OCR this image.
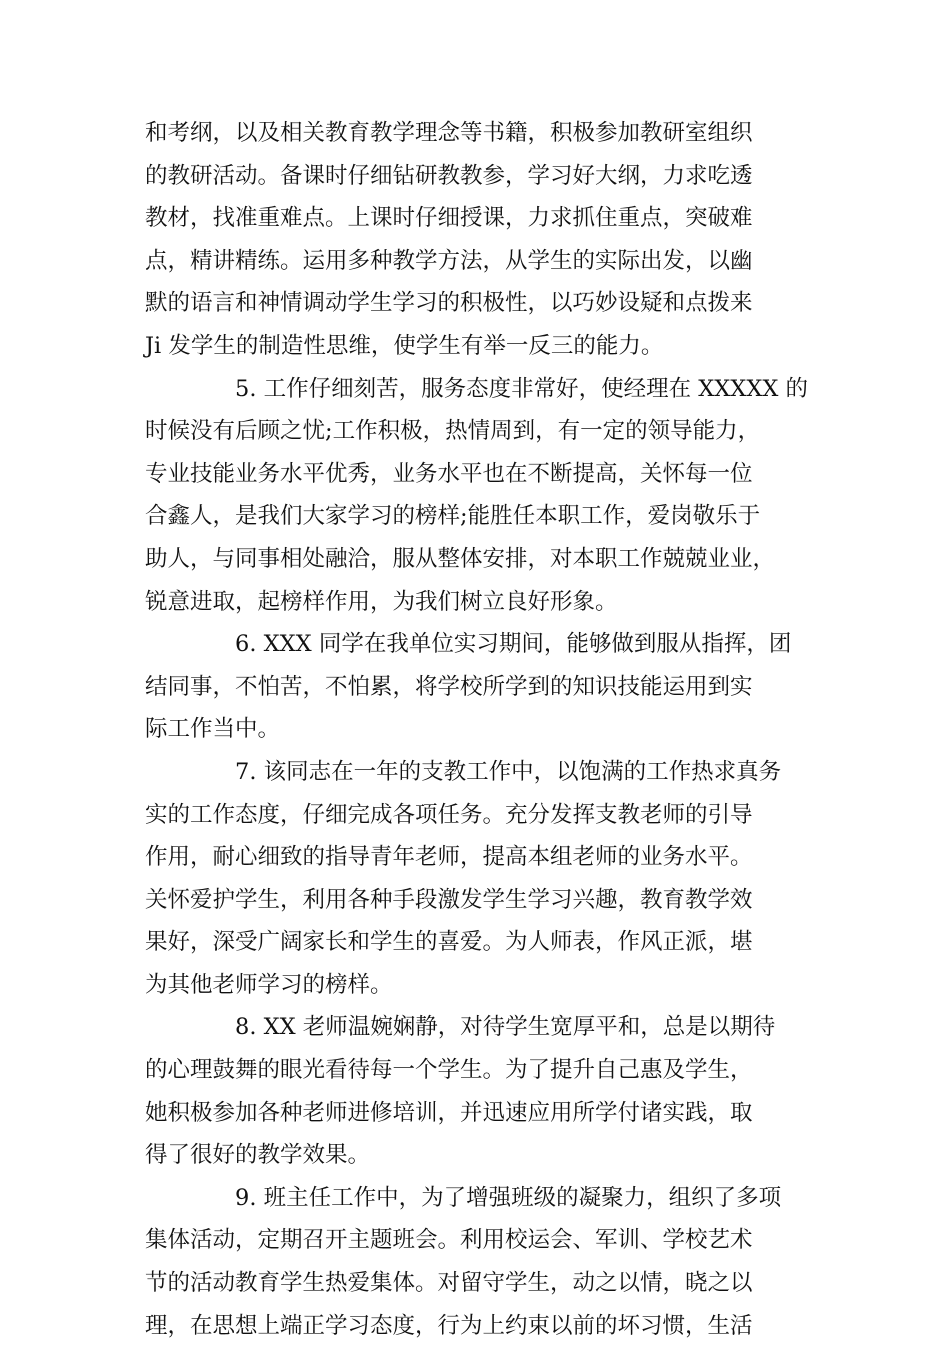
和考纲，以及相关教育教学理念等书籍，积极参加教研室组织
的教研活动。备课时仔细钻研教教参，学习好大纲，力求吃透
教材，找准重难点。上课时仔细授课，力求抓住重点，突破难
点，精讲精练。运用多种教学方法，从学生的实际出发，以幽
默的语言和神情调动学生学习的积极性，以巧妙设疑和点拨来
Ji 发学生的制造性思维，使学生有举一反三的能力。
5. 工作仔细刻苦，服务态度非常好，使经理在 XXXXX 的
时候没有后顾之忧;工作积极，热情周到，有一定的领导能力，
专业技能业务水平优秀，业务水平也在不断提高，关怀每一位
合鑫人，是我们大家学习的榜样;能胜任本职工作，爱岗敬乐于
助人，与同事相处融洽，服从整体安排，对本职工作兢兢业业，
锐意进取，起榜样作用，为我们树立良好形象。
6. XXX 同学在我单位实习期间，能够做到服从指挥，团
结同事，不怕苦，不怕累，将学校所学到的知识技能运用到实
际工作当中。
7. 该同志在一年的支教工作中，以饱满的工作热求真务
实的工作态度，仔细完成各项任务。充分发挥支教老师的引导
作用，耐心细致的指导青年老师，提高本组老师的业务水平。
关怀爱护学生，利用各种手段激发学生学习兴趣，教育教学效
果好，深受广阔家长和学生的喜爱。为人师表，作风正派，堪
为其他老师学习的榜样。
8. XX 老师温婉娴静，对待学生宽厚平和，总是以期待
的心理鼓舞的眼光看待每一个学生。为了提升自己惠及学生，
她积极参加各种老师进修培训，并迅速应用所学付诸实践，取
得了很好的教学效果。
9. 班主任工作中，为了增强班级的凝聚力，组织了多项
集体活动，定期召开主题班会。利用校运会、军训、学校艺术
节的活动教育学生热爱集体。对留守学生，动之以情，晓之以
理，在思想上端正学习态度，行为上约束以前的坏习惯，生活
